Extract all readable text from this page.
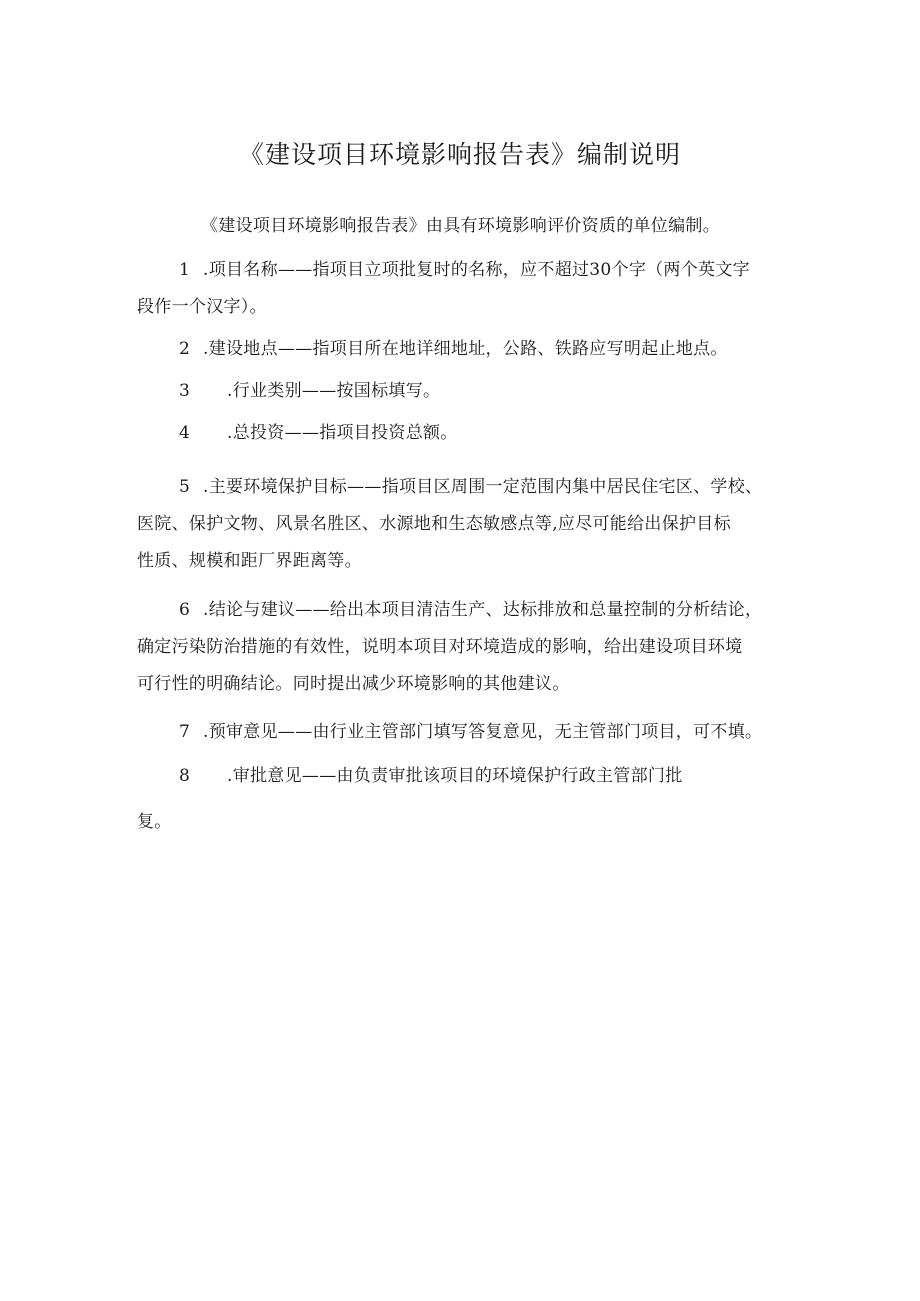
《建设项目环境影响报告表》编制说明
《建设项目环境影响报告表》由具有环境影响评价资质的单位编制。
1 .项目名称——指项目立项批复时的名称，应不超过30个字（两个英文字
段作一个汉字）。
2 .建设地点——指项目所在地详细地址，公路、铁路应写明起止地点。
3 .行业类别——按国标填写。
4 .总投资——指项目投资总额。
5 .主要环境保护目标——指项目区周围一定范围内集中居民住宅区、学校、
医院、保护文物、风景名胜区、水源地和生态敏感点等,应尽可能给出保护目标
性质、规模和距厂界距离等。
6 .结论与建议——给出本项目清洁生产、达标排放和总量控制的分析结论，
确定污染防治措施的有效性，说明本项目对环境造成的影响，给出建设项目环境
可行性的明确结论。同时提出减少环境影响的其他建议。
7 .预审意见——由行业主管部门填写答复意见，无主管部门项目，可不填。
8 .审批意见——由负责审批该项目的环境保护行政主管部门批
复。
